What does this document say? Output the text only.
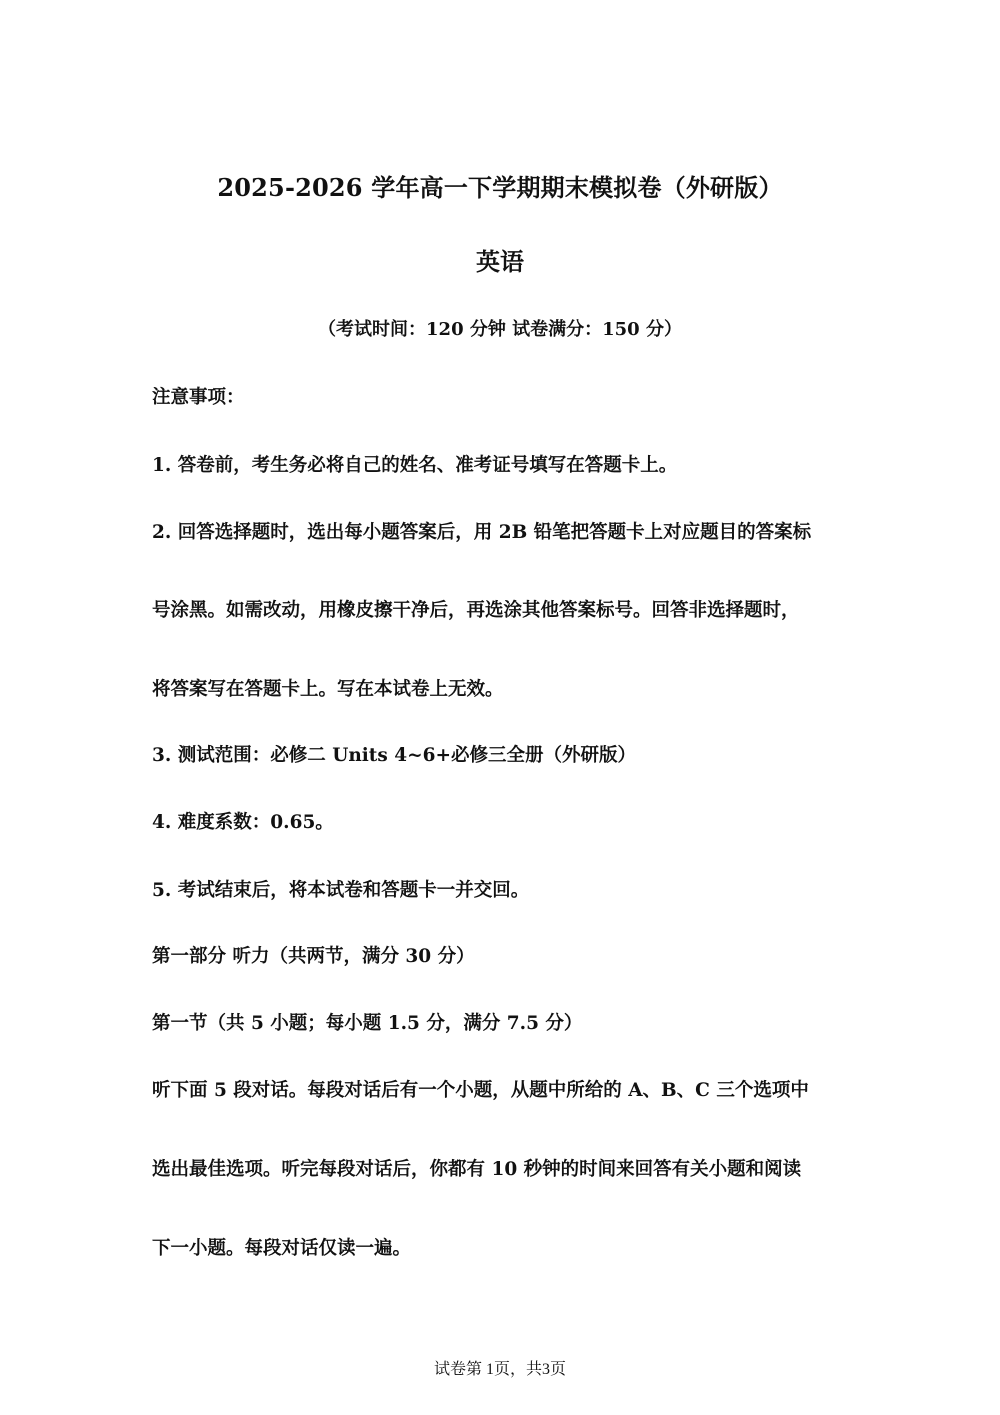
2025-2026 学年高一下学期期末模拟卷（外研版）
英语
（考试时间：120 分钟 试卷满分：150 分）
注意事项：
1. 答卷前，考生务必将自己的姓名、准考证号填写在答题卡上。
2. 回答选择题时，选出每小题答案后，用 2B 铅笔把答题卡上对应题目的答案标
号涂黑。如需改动，用橡皮擦干净后，再选涂其他答案标号。回答非选择题时，
将答案写在答题卡上。写在本试卷上无效。
3. 测试范围：必修二 Units 4~6+必修三全册（外研版）
4. 难度系数：0.65。
5. 考试结束后，将本试卷和答题卡一并交回。
第一部分 听力（共两节，满分 30 分）
第一节（共 5 小题；每小题 1.5 分，满分 7.5 分）
听下面 5 段对话。每段对话后有一个小题，从题中所给的 A、B、C 三个选项中
选出最佳选项。听完每段对话后，你都有 10 秒钟的时间来回答有关小题和阅读
下一小题。每段对话仅读一遍。
试卷第 1页，共3页
